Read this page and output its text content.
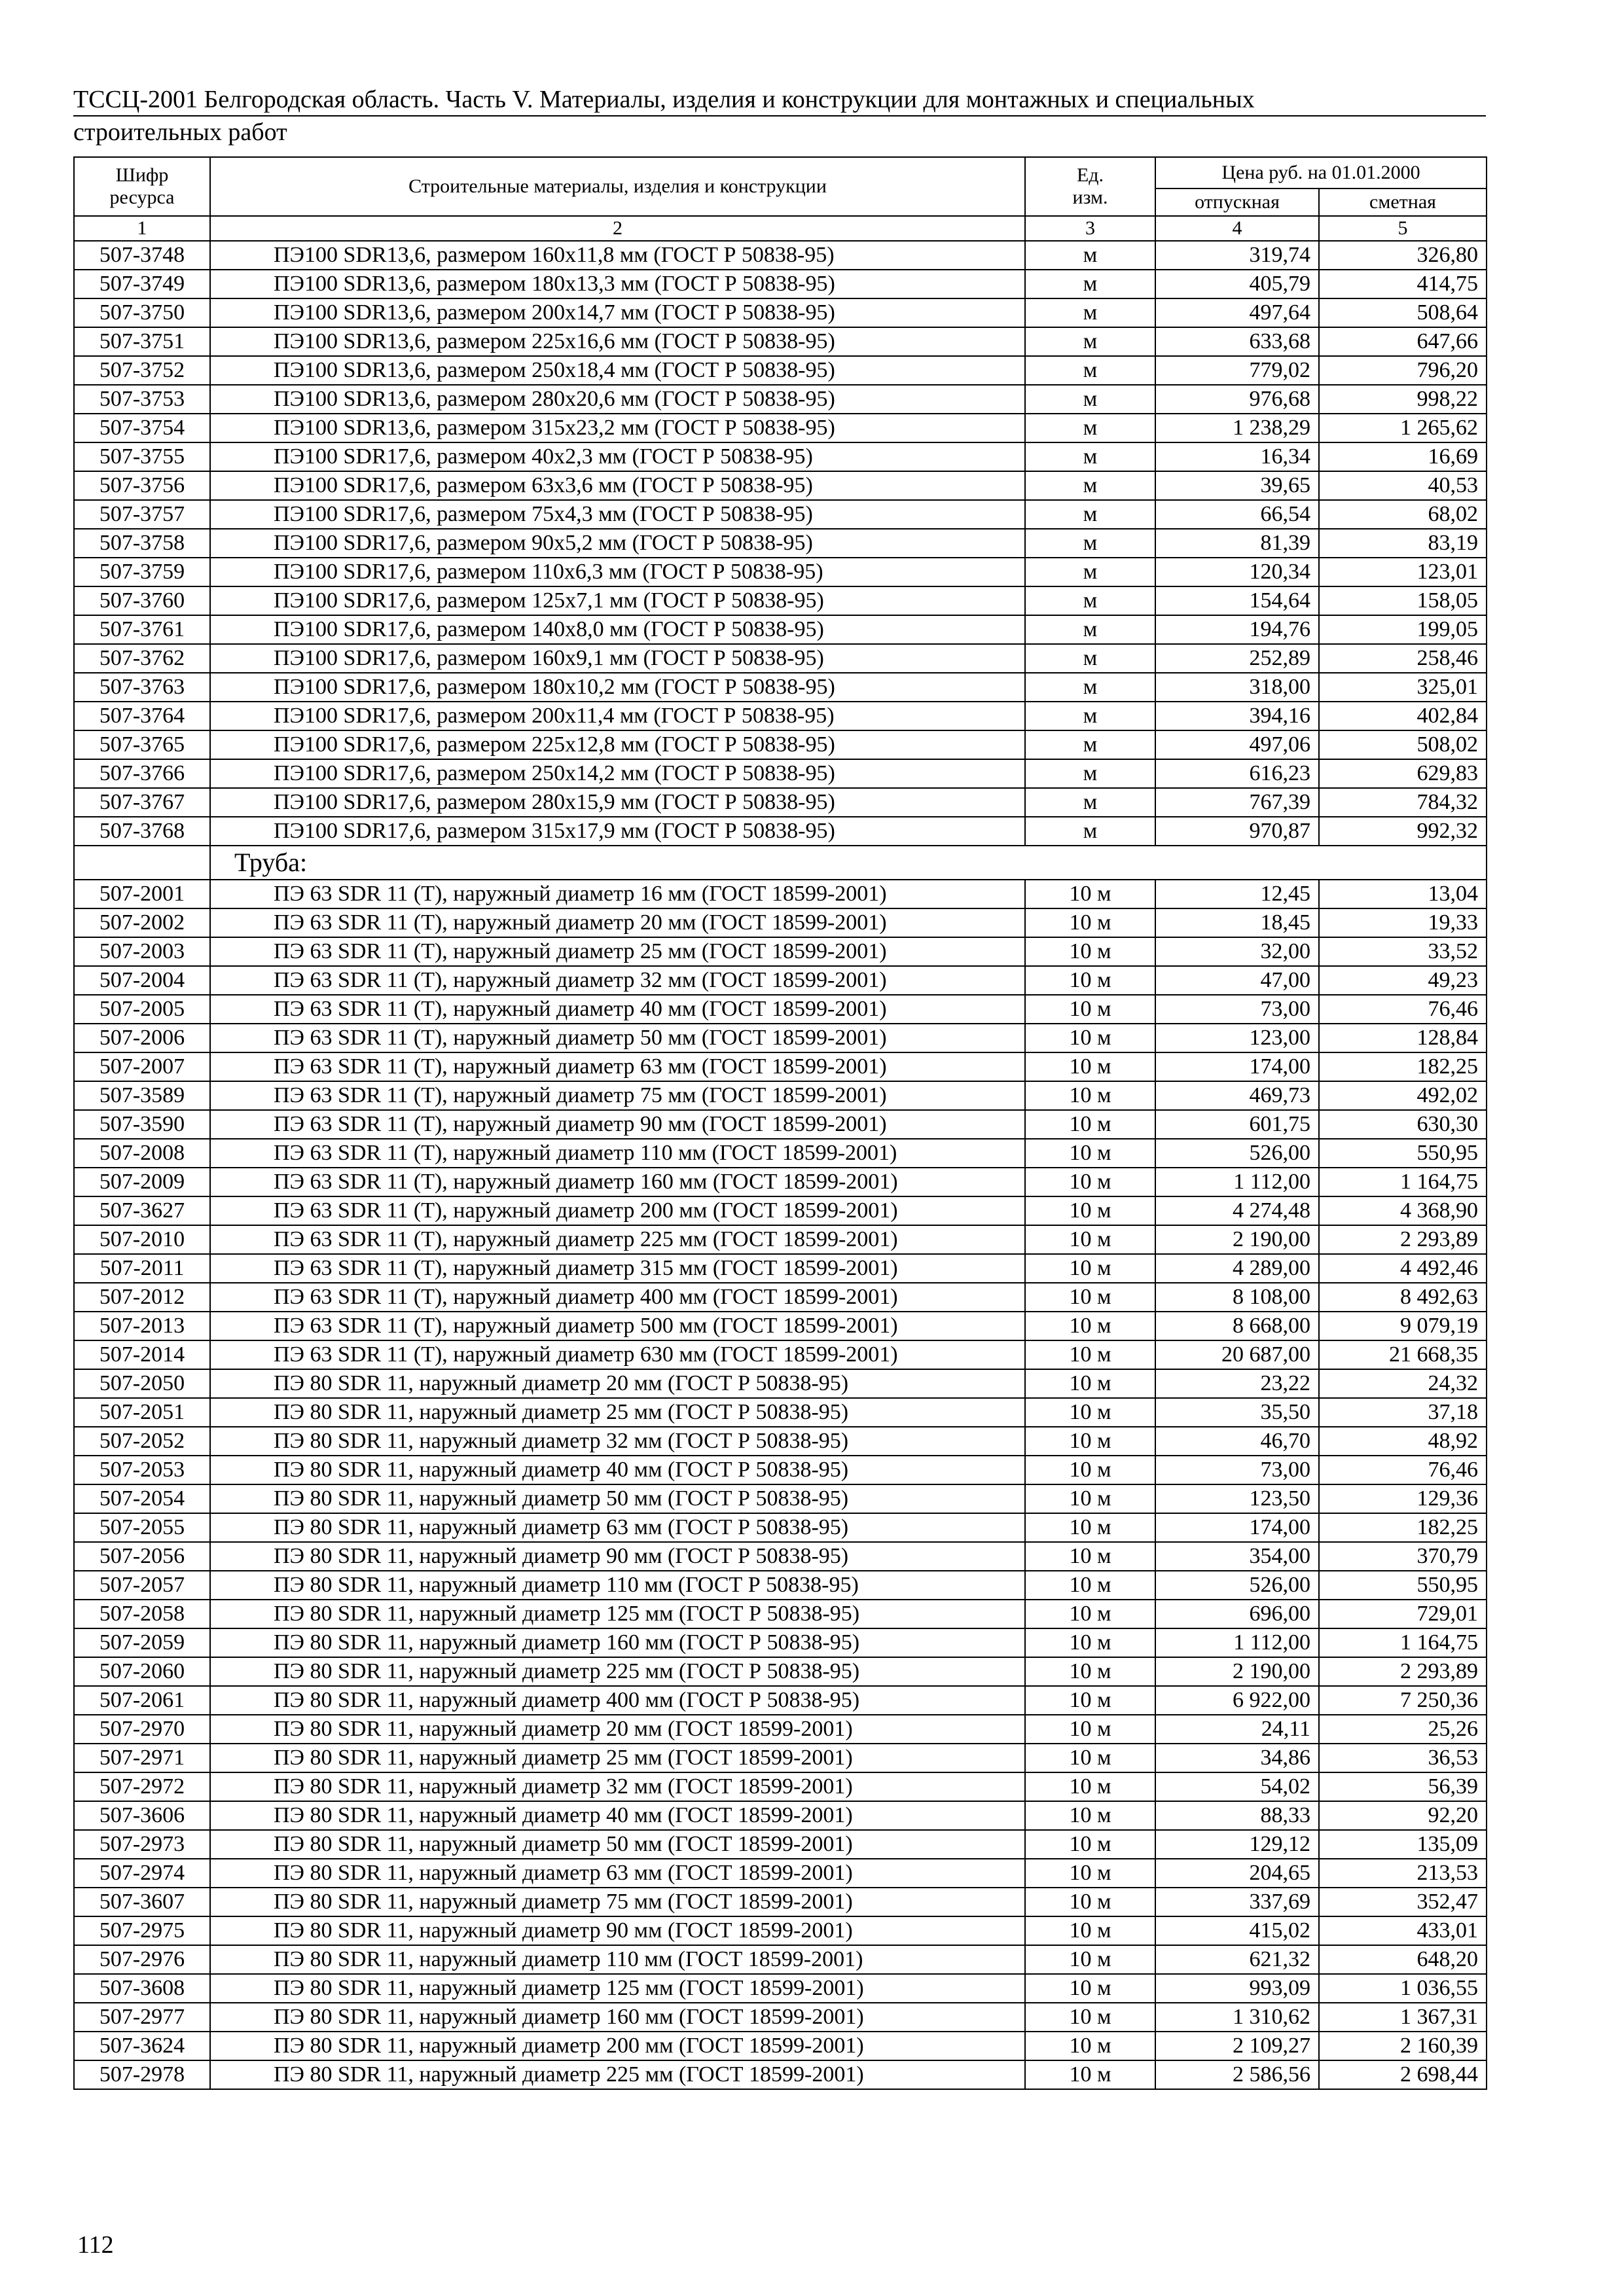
ТССЦ-2001 Белгородская область. Часть V. Материалы, изделия и конструкции для монтажных и специальных
строительных работ
Шифр ресурса	Строительные материалы, изделия и конструкции	Ед. изм.	Цена руб. на 01.01.2000	
			отпускная	сметная
1	2	3	4	5
507-3748	ПЭ100 SDR13,6, размером 160х11,8 мм (ГОСТ Р 50838-95)	м	319,74	326,80
507-3749	ПЭ100 SDR13,6, размером 180х13,3 мм (ГОСТ Р 50838-95)	м	405,79	414,75
507-3750	ПЭ100 SDR13,6, размером 200х14,7 мм (ГОСТ Р 50838-95)	м	497,64	508,64
507-3751	ПЭ100 SDR13,6, размером 225х16,6 мм (ГОСТ Р 50838-95)	м	633,68	647,66
507-3752	ПЭ100 SDR13,6, размером 250х18,4 мм (ГОСТ Р 50838-95)	м	779,02	796,20
507-3753	ПЭ100 SDR13,6, размером 280х20,6 мм (ГОСТ Р 50838-95)	м	976,68	998,22
507-3754	ПЭ100 SDR13,6, размером 315х23,2 мм (ГОСТ Р 50838-95)	м	1 238,29	1 265,62
507-3755	ПЭ100 SDR17,6, размером 40х2,3 мм (ГОСТ Р 50838-95)	м	16,34	16,69
507-3756	ПЭ100 SDR17,6, размером 63х3,6 мм (ГОСТ Р 50838-95)	м	39,65	40,53
507-3757	ПЭ100 SDR17,6, размером 75х4,3 мм (ГОСТ Р 50838-95)	м	66,54	68,02
507-3758	ПЭ100 SDR17,6, размером 90х5,2 мм (ГОСТ Р 50838-95)	м	81,39	83,19
507-3759	ПЭ100 SDR17,6, размером 110х6,3 мм (ГОСТ Р 50838-95)	м	120,34	123,01
507-3760	ПЭ100 SDR17,6, размером 125х7,1 мм (ГОСТ Р 50838-95)	м	154,64	158,05
507-3761	ПЭ100 SDR17,6, размером 140х8,0 мм (ГОСТ Р 50838-95)	м	194,76	199,05
507-3762	ПЭ100 SDR17,6, размером 160х9,1 мм (ГОСТ Р 50838-95)	м	252,89	258,46
507-3763	ПЭ100 SDR17,6, размером 180х10,2 мм (ГОСТ Р 50838-95)	м	318,00	325,01
507-3764	ПЭ100 SDR17,6, размером 200х11,4 мм (ГОСТ Р 50838-95)	м	394,16	402,84
507-3765	ПЭ100 SDR17,6, размером 225х12,8 мм (ГОСТ Р 50838-95)	м	497,06	508,02
507-3766	ПЭ100 SDR17,6, размером 250х14,2 мм (ГОСТ Р 50838-95)	м	616,23	629,83
507-3767	ПЭ100 SDR17,6, размером 280х15,9 мм (ГОСТ Р 50838-95)	м	767,39	784,32
507-3768	ПЭ100 SDR17,6, размером 315х17,9 мм (ГОСТ Р 50838-95)	м	970,87	992,32
	Труба:			
507-2001	ПЭ 63 SDR 11 (Т), наружный диаметр 16 мм (ГОСТ 18599-2001)	10 м	12,45	13,04
507-2002	ПЭ 63 SDR 11 (Т), наружный диаметр 20 мм (ГОСТ 18599-2001)	10 м	18,45	19,33
507-2003	ПЭ 63 SDR 11 (Т), наружный диаметр 25 мм (ГОСТ 18599-2001)	10 м	32,00	33,52
507-2004	ПЭ 63 SDR 11 (Т), наружный диаметр 32 мм (ГОСТ 18599-2001)	10 м	47,00	49,23
507-2005	ПЭ 63 SDR 11 (Т), наружный диаметр 40 мм (ГОСТ 18599-2001)	10 м	73,00	76,46
507-2006	ПЭ 63 SDR 11 (Т), наружный диаметр 50 мм (ГОСТ 18599-2001)	10 м	123,00	128,84
507-2007	ПЭ 63 SDR 11 (Т), наружный диаметр 63 мм (ГОСТ 18599-2001)	10 м	174,00	182,25
507-3589	ПЭ 63 SDR 11 (Т), наружный диаметр 75 мм (ГОСТ 18599-2001)	10 м	469,73	492,02
507-3590	ПЭ 63 SDR 11 (Т), наружный диаметр 90 мм (ГОСТ 18599-2001)	10 м	601,75	630,30
507-2008	ПЭ 63 SDR 11 (Т), наружный диаметр 110 мм (ГОСТ 18599-2001)	10 м	526,00	550,95
507-2009	ПЭ 63 SDR 11 (Т), наружный диаметр 160 мм (ГОСТ 18599-2001)	10 м	1 112,00	1 164,75
507-3627	ПЭ 63 SDR 11 (Т), наружный диаметр 200 мм (ГОСТ 18599-2001)	10 м	4 274,48	4 368,90
507-2010	ПЭ 63 SDR 11 (Т), наружный диаметр 225 мм (ГОСТ 18599-2001)	10 м	2 190,00	2 293,89
507-2011	ПЭ 63 SDR 11 (Т), наружный диаметр 315 мм (ГОСТ 18599-2001)	10 м	4 289,00	4 492,46
507-2012	ПЭ 63 SDR 11 (Т), наружный диаметр 400 мм (ГОСТ 18599-2001)	10 м	8 108,00	8 492,63
507-2013	ПЭ 63 SDR 11 (Т), наружный диаметр 500 мм (ГОСТ 18599-2001)	10 м	8 668,00	9 079,19
507-2014	ПЭ 63 SDR 11 (Т), наружный диаметр 630 мм (ГОСТ 18599-2001)	10 м	20 687,00	21 668,35
507-2050	ПЭ 80 SDR 11, наружный диаметр 20 мм (ГОСТ Р 50838-95)	10 м	23,22	24,32
507-2051	ПЭ 80 SDR 11, наружный диаметр 25 мм (ГОСТ Р 50838-95)	10 м	35,50	37,18
507-2052	ПЭ 80 SDR 11, наружный диаметр 32 мм (ГОСТ Р 50838-95)	10 м	46,70	48,92
507-2053	ПЭ 80 SDR 11, наружный диаметр 40 мм (ГОСТ Р 50838-95)	10 м	73,00	76,46
507-2054	ПЭ 80 SDR 11, наружный диаметр 50 мм (ГОСТ Р 50838-95)	10 м	123,50	129,36
507-2055	ПЭ 80 SDR 11, наружный диаметр 63 мм (ГОСТ Р 50838-95)	10 м	174,00	182,25
507-2056	ПЭ 80 SDR 11, наружный диаметр 90 мм (ГОСТ Р 50838-95)	10 м	354,00	370,79
507-2057	ПЭ 80 SDR 11, наружный диаметр 110 мм (ГОСТ Р 50838-95)	10 м	526,00	550,95
507-2058	ПЭ 80 SDR 11, наружный диаметр 125 мм (ГОСТ Р 50838-95)	10 м	696,00	729,01
507-2059	ПЭ 80 SDR 11, наружный диаметр 160 мм (ГОСТ Р 50838-95)	10 м	1 112,00	1 164,75
507-2060	ПЭ 80 SDR 11, наружный диаметр 225 мм (ГОСТ Р 50838-95)	10 м	2 190,00	2 293,89
507-2061	ПЭ 80 SDR 11, наружный диаметр 400 мм (ГОСТ Р 50838-95)	10 м	6 922,00	7 250,36
507-2970	ПЭ 80 SDR 11, наружный диаметр 20 мм (ГОСТ 18599-2001)	10 м	24,11	25,26
507-2971	ПЭ 80 SDR 11, наружный диаметр 25 мм (ГОСТ 18599-2001)	10 м	34,86	36,53
507-2972	ПЭ 80 SDR 11, наружный диаметр 32 мм (ГОСТ 18599-2001)	10 м	54,02	56,39
507-3606	ПЭ 80 SDR 11, наружный диаметр 40 мм (ГОСТ 18599-2001)	10 м	88,33	92,20
507-2973	ПЭ 80 SDR 11, наружный диаметр 50 мм (ГОСТ 18599-2001)	10 м	129,12	135,09
507-2974	ПЭ 80 SDR 11, наружный диаметр 63 мм (ГОСТ 18599-2001)	10 м	204,65	213,53
507-3607	ПЭ 80 SDR 11, наружный диаметр 75 мм (ГОСТ 18599-2001)	10 м	337,69	352,47
507-2975	ПЭ 80 SDR 11, наружный диаметр 90 мм (ГОСТ 18599-2001)	10 м	415,02	433,01
507-2976	ПЭ 80 SDR 11, наружный диаметр 110 мм (ГОСТ 18599-2001)	10 м	621,32	648,20
507-3608	ПЭ 80 SDR 11, наружный диаметр 125 мм (ГОСТ 18599-2001)	10 м	993,09	1 036,55
507-2977	ПЭ 80 SDR 11, наружный диаметр 160 мм (ГОСТ 18599-2001)	10 м	1 310,62	1 367,31
507-3624	ПЭ 80 SDR 11, наружный диаметр 200 мм (ГОСТ 18599-2001)	10 м	2 109,27	2 160,39
507-2978	ПЭ 80 SDR 11, наружный диаметр 225 мм (ГОСТ 18599-2001)	10 м	2 586,56	2 698,44
112
